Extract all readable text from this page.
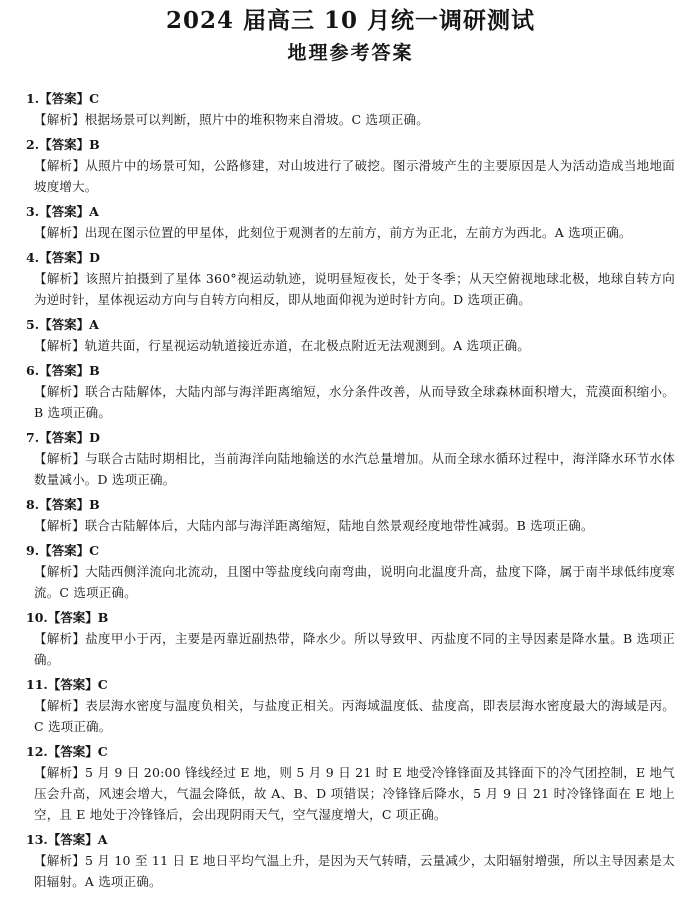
2024 届高三 10 月统一调研测试
地理参考答案
1.【答案】C
【解析】根据场景可以判断，照片中的堆积物来自滑坡。C 选项正确。
2.【答案】B
【解析】从照片中的场景可知，公路修建，对山坡进行了破挖。图示滑坡产生的主要原因是人为活动造成当地地面坡度增大。
3.【答案】A
【解析】出现在图示位置的甲星体，此刻位于观测者的左前方，前方为正北，左前方为西北。A 选项正确。
4.【答案】D
【解析】该照片拍摄到了星体 360°视运动轨迹，说明昼短夜长，处于冬季；从天空俯视地球北极，地球自转方向为逆时针，星体视运动方向与自转方向相反，即从地面仰视为逆时针方向。D 选项正确。
5.【答案】A
【解析】轨道共面，行星视运动轨道接近赤道，在北极点附近无法观测到。A 选项正确。
6.【答案】B
【解析】联合古陆解体，大陆内部与海洋距离缩短，水分条件改善，从而导致全球森林面积增大，荒漠面积缩小。B 选项正确。
7.【答案】D
【解析】与联合古陆时期相比，当前海洋向陆地输送的水汽总量增加。从而全球水循环过程中，海洋降水环节水体数量减小。D 选项正确。
8.【答案】B
【解析】联合古陆解体后，大陆内部与海洋距离缩短，陆地自然景观经度地带性减弱。B 选项正确。
9.【答案】C
【解析】大陆西侧洋流向北流动，且图中等盐度线向南弯曲，说明向北温度升高，盐度下降，属于南半球低纬度寒流。C 选项正确。
10.【答案】B
【解析】盐度甲小于丙，主要是丙靠近副热带，降水少。所以导致甲、丙盐度不同的主导因素是降水量。B 选项正确。
11.【答案】C
【解析】表层海水密度与温度负相关，与盐度正相关。丙海域温度低、盐度高，即表层海水密度最大的海域是丙。C 选项正确。
12.【答案】C
【解析】5 月 9 日 20:00 锋线经过 E 地，则 5 月 9 日 21 时 E 地受冷锋锋面及其锋面下的冷气团控制，E 地气压会升高，风速会增大，气温会降低，故 A、B、D 项错误；冷锋锋后降水，5 月 9 日 21 时冷锋锋面在 E 地上空，且 E 地处于冷锋锋后，会出现阴雨天气，空气湿度增大，C 项正确。
13.【答案】A
【解析】5 月 10 至 11 日 E 地日平均气温上升，是因为天气转晴，云量减少，太阳辐射增强，所以主导因素是太阳辐射。A 选项正确。
